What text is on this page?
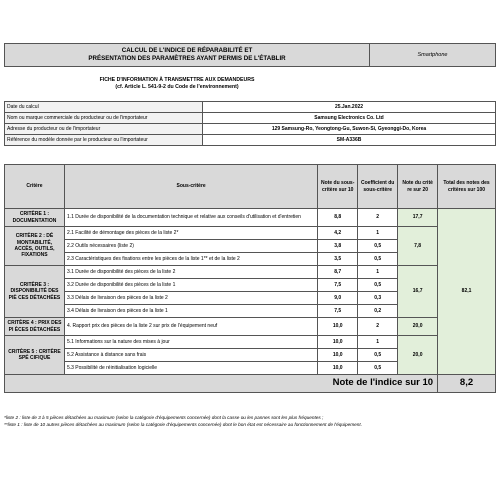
CALCUL DE L'INDICE DE RÉPARABILITÉ ET
PRÉSENTATION DES PARAMÈTRES AYANT PERMIS DE L'ÉTABLIR	Smartphone
FICHE D'INFORMATION À TRANSMETTRE AUX DEMANDEURS
(cf. Article L. 541-9-2 du Code de l'environnement)
Date du calcul	25.Jan.2022
Nom ou marque commerciale du producteur ou de l'importateur	Samsung Electronics Co. Ltd
Adresse du producteur ou de l'importateur	129 Samsung-Ro, Yeongtong-Gu, Suwon-Si, Gyeonggi-Do, Korea
Référence du modèle donnée par le producteur ou l'importateur	SM-A336B
Critère	Sous-critère	Note du sous-critère sur 10	Coefficient du sous-critère	Note du critè re sur 20	Total des notes des critères sur 100
CRITÈRE 1 : DOCUMENTATION	1.1 Durée de disponibilité de la documentation technique et relative aux conseils d'utilisation et d'entretien	8,8	2	17,7	82,1
CRITÈRE 2 : DÉ MONTABILITÉ, ACCÈS, OUTILS, FIXATIONS	2.1 Facilité de démontage des pièces de la liste 2*	4,2	1	7,8	
	2.2 Outils nécessaires (liste 2)	3,8	0,5		
	2.3 Caractéristiques des fixations entre les pièces de la liste 1** et de la liste 2	3,5	0,5		
CRITÈRE 3 : DISPONIBILITÉ DES PIÈ CES DÉTACHÉES	3.1 Durée de disponibilité des pièces de la liste 2	8,7	1	16,7	
	3.2 Durée de disponibilité des pièces de la liste 1	7,5	0,5		
	3.3 Délais de livraison des pièces de la liste 2	9,0	0,3		
	3.4 Délais de livraison des pièces de la liste 1	7,5	0,2		
CRITÈRE 4 : PRIX DES PI ÈCES DÉTACHÉES	4. Rapport prix des pièces de la liste 2 sur prix de l'équipement neuf	10,0	2	20,0	
CRITÈRE 5 : CRITÈRE SPÉ CIFIQUE	5.1 Informations sur la nature des mises à jour	10,0	1	20,0	
	5.2 Assistance à distance sans frais	10,0	0,5		
	5.3 Possibilité de réinitialisation logicielle	10,0	0,5		
Note de l'indice sur 10					8,2
*liste 2 : liste de 3 à 5 pièces détachées au maximum (selon la catégorie d'équipements concernée) dont la casse ou les pannes sont les plus fréquentes ;
**liste 1 : liste de 10 autres pièces détachées au maximum (selon la catégorie d'équipements concernée) dont le bon état est nécessaire au fonctionnement de l'équipement.
